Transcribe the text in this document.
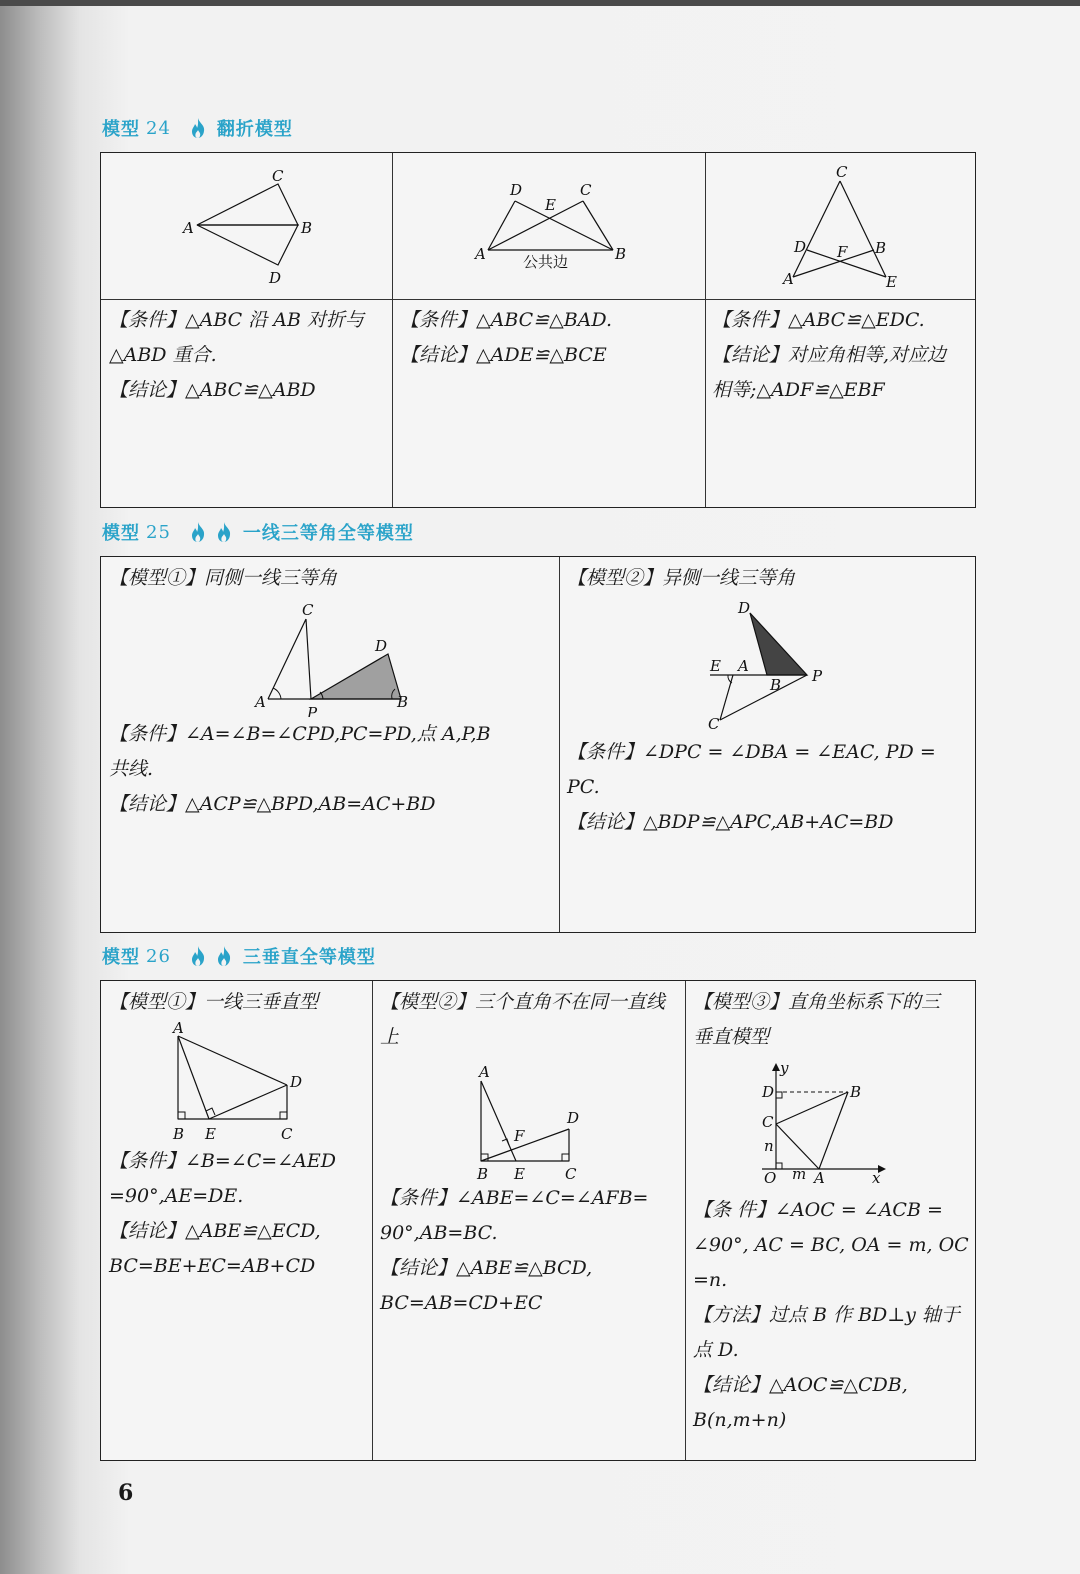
模型 24	翻折模型
A	B
C
D
A	B
C
D
E
公共边
C
A
B
D
E
F

【条件】△ABC 沿 AB 对折与

△ABD 重合.

【结论】△ABC≌△ABD

【条件】△ABC≌△BAD.

【结论】△ADE≌△BCE

【条件】△ABC≌△EDC.

【结论】对应角相等,对应边

相等;△ADF≌△EBF

模型 25	一线三等角全等模型

【模型①】同侧一线三等角

A	B
C
D
P

【条件】∠A=∠B=∠CPD,PC=PD,点 A,P,B

共线.

【结论】△ACP≌△BPD,AB=AC+BD

【模型②】异侧一线三等角

D
E A
B P
C

【条件】∠DPC = ∠DBA = ∠EAC, PD =

PC.

【结论】△BDP≌△APC,AB+AC=BD

模型 26	三垂直全等模型

【模型①】一线三垂直型

A
B	C
D
E

【条件】∠B=∠C=∠AED

=90°,AE=DE.

【结论】△ABE≌△ECD,

BC=BE+EC=AB+CD

【模型②】三个直角不在同一直线

上

A
B	C
D
E
F

【条件】∠ABE=∠C=∠AFB=

90°,AB=BC.

【结论】△ABE≌△BCD,

BC=AB=CD+EC

【模型③】直角坐标系下的三

垂直模型

y
D	B
C
n
O m A	x

【条 件】∠AOC = ∠ACB =

∠90°, AC = BC, OA = m, OC

=n.

【方法】过点 B 作 BD⊥y 轴于

点 D.

【结论】△AOC≌△CDB,

B(n,m+n)

6
